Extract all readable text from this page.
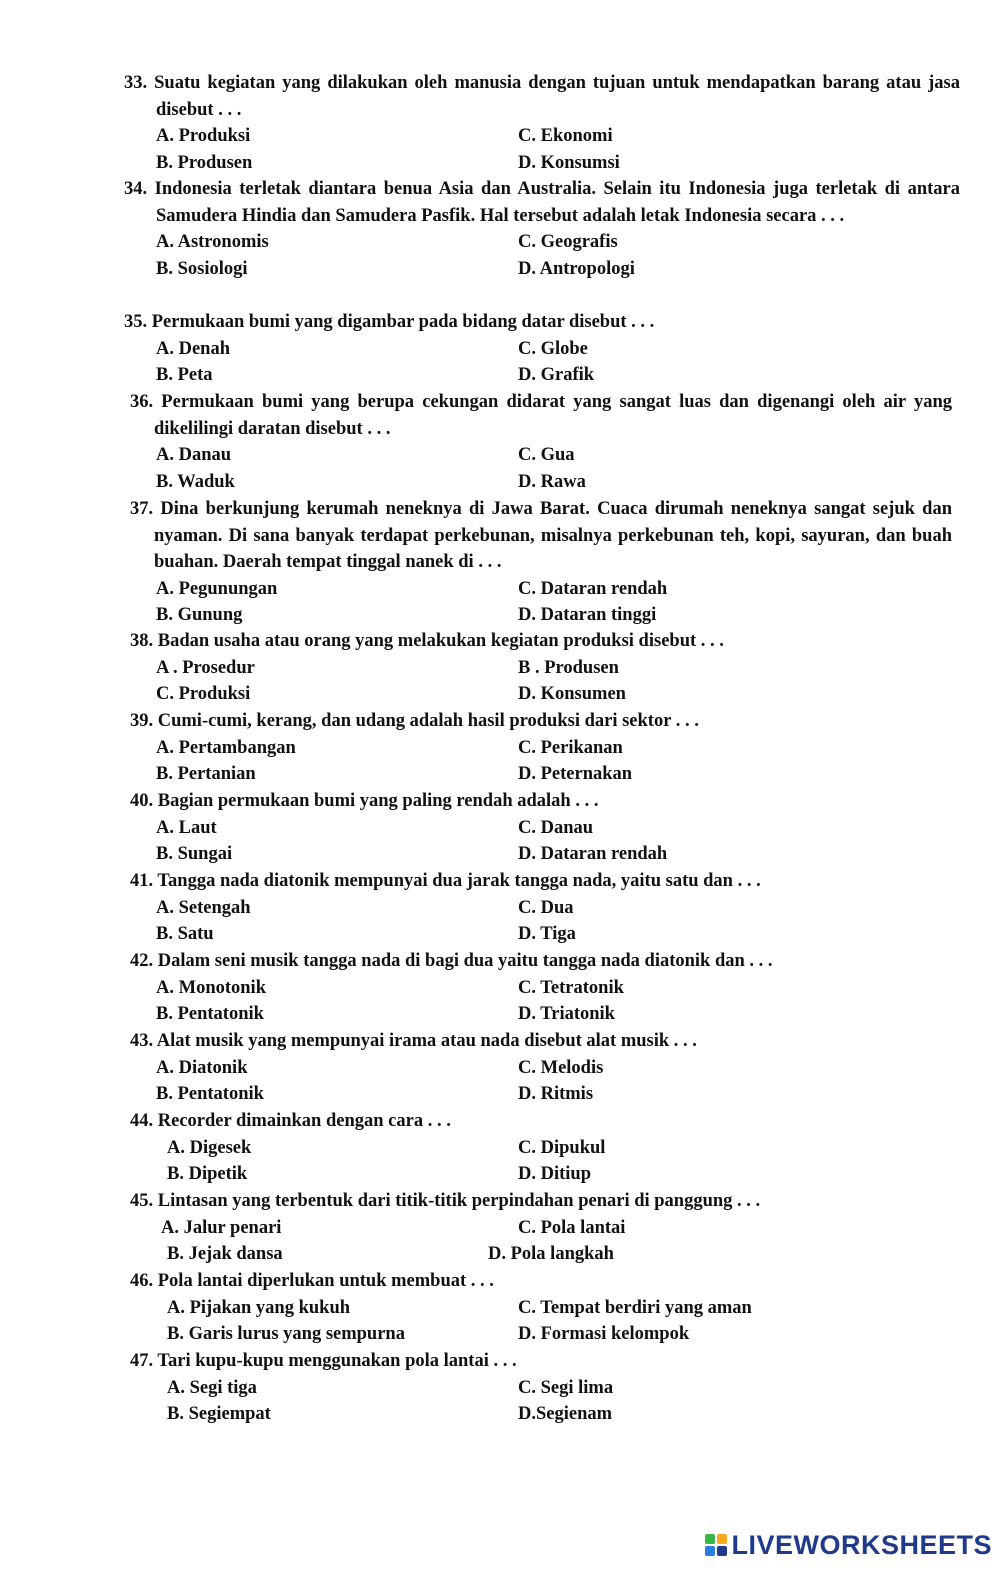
33. Suatu kegiatan yang dilakukan oleh manusia dengan tujuan untuk mendapatkan barang atau jasa disebut . . .
A. Produksi
B. Produsen
C. Ekonomi
D. Konsumsi
34. Indonesia terletak diantara benua Asia dan Australia. Selain itu Indonesia juga terletak di antara Samudera Hindia dan Samudera Pasfik. Hal tersebut adalah letak Indonesia secara . . .
A. Astronomis
B. Sosiologi
C. Geografis
D. Antropologi
35. Permukaan bumi yang digambar pada bidang datar disebut . . .
A. Denah
B. Peta
C. Globe
D. Grafik
36. Permukaan bumi yang berupa cekungan didarat yang sangat luas dan digenangi oleh air yang dikelilingi daratan disebut . . .
A. Danau
B. Waduk
C. Gua
D. Rawa
37. Dina berkunjung kerumah neneknya di Jawa Barat. Cuaca dirumah neneknya sangat sejuk dan nyaman. Di sana banyak terdapat perkebunan, misalnya perkebunan teh, kopi, sayuran, dan buah buahan. Daerah tempat tinggal nanek di . . .
A. Pegunungan
B. Gunung
C. Dataran rendah
D. Dataran tinggi
38. Badan usaha atau orang yang melakukan kegiatan produksi disebut . . .
A . Prosedur
C. Produksi
B . Produsen
D. Konsumen
39. Cumi-cumi, kerang, dan udang adalah hasil produksi dari sektor . . .
A. Pertambangan
B. Pertanian
C. Perikanan
D. Peternakan
40. Bagian permukaan bumi yang paling rendah adalah . . .
A. Laut
B. Sungai
C. Danau
D. Dataran rendah
41. Tangga nada diatonik mempunyai dua jarak tangga nada, yaitu satu dan . . .
A. Setengah
B. Satu
C. Dua
D. Tiga
42. Dalam seni musik tangga nada di bagi dua yaitu tangga nada diatonik dan . . .
A. Monotonik
B. Pentatonik
C. Tetratonik
D. Triatonik
43. Alat musik yang mempunyai irama atau nada disebut alat musik . . .
A. Diatonik
B. Pentatonik
C. Melodis
D. Ritmis
44. Recorder dimainkan dengan cara . . .
A. Digesek
B. Dipetik
C. Dipukul
D. Ditiup
45. Lintasan yang terbentuk dari titik-titik perpindahan penari di panggung . . .
A. Jalur penari
B. Jejak dansa
C. Pola lantai
D. Pola langkah
46. Pola lantai diperlukan untuk membuat . . .
A. Pijakan yang kukuh
B. Garis lurus yang sempurna
C. Tempat berdiri yang aman
D. Formasi kelompok
47. Tari kupu-kupu menggunakan pola lantai . . .
A. Segi tiga
B. Segiempat
C. Segi lima
D.Segienam
LIVEWORKSHEETS
